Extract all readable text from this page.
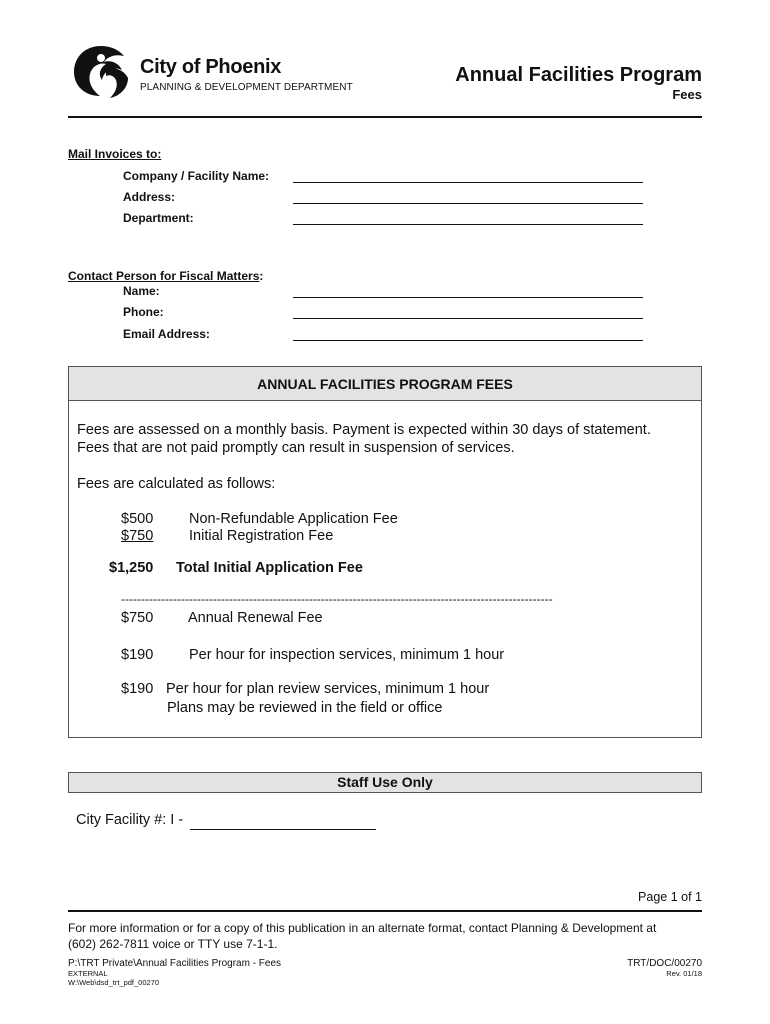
City of Phoenix
PLANNING & DEVELOPMENT DEPARTMENT
Annual Facilities Program
Fees
Mail Invoices to:
Company / Facility Name:
Address:
Department:
Contact Person for Fiscal Matters:
Name:
Phone:
Email Address:
ANNUAL FACILITIES PROGRAM FEES
Fees are assessed on a monthly basis. Payment is expected within 30 days of statement.
Fees that are not paid promptly can result in suspension of services.
Fees are calculated as follows:
$500 Non-Refundable Application Fee
$750 Initial Registration Fee
$1,250 Total Initial Application Fee
------------------------------------------------------------------------------------------------------------
$750 Annual Renewal Fee
$190 Per hour for inspection services, minimum 1 hour
$190 Per hour for plan review services, minimum 1 hour
Plans may be reviewed in the field or office
Staff Use Only
City Facility #: I -
Page 1 of 1
For more information or for a copy of this publication in an alternate format, contact Planning & Development at
(602) 262-7811 voice or TTY use 7-1-1.
P:\TRT Private\Annual Facilities Program - Fees
EXTERNAL
W:\Web\dsd_trt_pdf_00270
TRT/DOC/00270
Rev. 01/18
